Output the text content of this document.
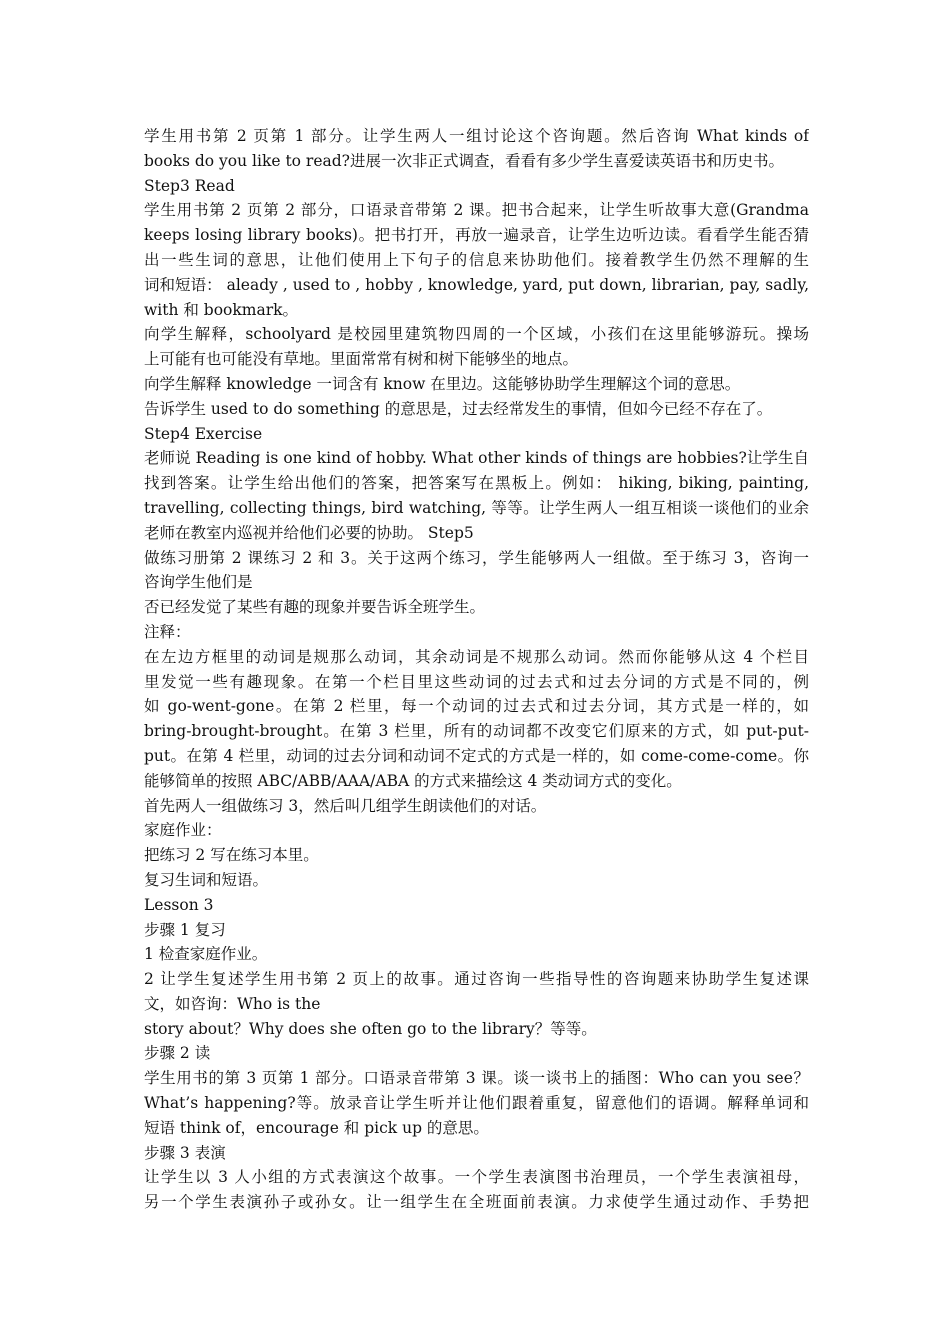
学生用书第 2 页第 1 部分。让学生两人一组讨论这个咨询题。然后咨询 What kinds of
books do you like to read?进展一次非正式调查，看看有多少学生喜爱读英语书和历史书。
Step3 Read
学生用书第 2 页第 2 部分，口语录音带第 2 课。把书合起来，让学生听故事大意(Grandma
keeps losing library books)。把书打开，再放一遍录音，让学生边听边读。看看学生能否猜
出一些生词的意思，让他们使用上下句子的信息来协助他们。接着教学生仍然不理解的生
词和短语： aleady , used to , hobby , knowledge, yard, put down, librarian, pay, sadly,
with 和 bookmark。
向学生解释，schoolyard 是校园里建筑物四周的一个区域，小孩们在这里能够游玩。操场
上可能有也可能没有草地。里面常常有树和树下能够坐的地点。
向学生解释 knowledge 一词含有 know 在里边。这能够协助学生理解这个词的意思。
告诉学生 used to do something 的意思是，过去经常发生的事情，但如今已经不存在了。
Step4 Exercise
老师说 Reading is one kind of hobby. What other kinds of things are hobbies?让学生自
找到答案。让学生给出他们的答案，把答案写在黑板上。例如： hiking, biking, painting,
travelling, collecting things, bird watching, 等等。让学生两人一组互相谈一谈他们的业余
老师在教室内巡视并给他们必要的协助。 Step5
做练习册第 2 课练习 2 和 3。关于这两个练习，学生能够两人一组做。至于练习 3，咨询一
咨询学生他们是
否已经发觉了某些有趣的现象并要告诉全班学生。
注释：
在左边方框里的动词是规那么动词，其余动词是不规那么动词。然而你能够从这 4 个栏目
里发觉一些有趣现象。在第一个栏目里这些动词的过去式和过去分词的方式是不同的，例
如 go-went-gone。在第 2 栏里，每一个动词的过去式和过去分词，其方式是一样的，如
bring-brought-brought。在第 3 栏里，所有的动词都不改变它们原来的方式，如 put-put-
put。在第 4 栏里，动词的过去分词和动词不定式的方式是一样的，如 come-come-come。你
能够简单的按照 ABC/ABB/AAA/ABA 的方式来描绘这 4 类动词方式的变化。
首先两人一组做练习 3，然后叫几组学生朗读他们的对话。
家庭作业：
把练习 2 写在练习本里。
复习生词和短语。
Lesson 3
步骤 1 复习
1 检查家庭作业。
2 让学生复述学生用书第 2 页上的故事。通过咨询一些指导性的咨询题来协助学生复述课
文，如咨询：Who is the
story about？Why does she often go to the library？等等。
步骤 2 读
学生用书的第 3 页第 1 部分。口语录音带第 3 课。谈一谈书上的插图：Who can you see？
What’s happening?等。放录音让学生听并让他们跟着重复，留意他们的语调。解释单词和
短语 think of，encourage 和 pick up 的意思。
步骤 3 表演
让学生以 3 人小组的方式表演这个故事。一个学生表演图书治理员，一个学生表演祖母，
另一个学生表演孙子或孙女。让一组学生在全班面前表演。力求使学生通过动作、手势把
